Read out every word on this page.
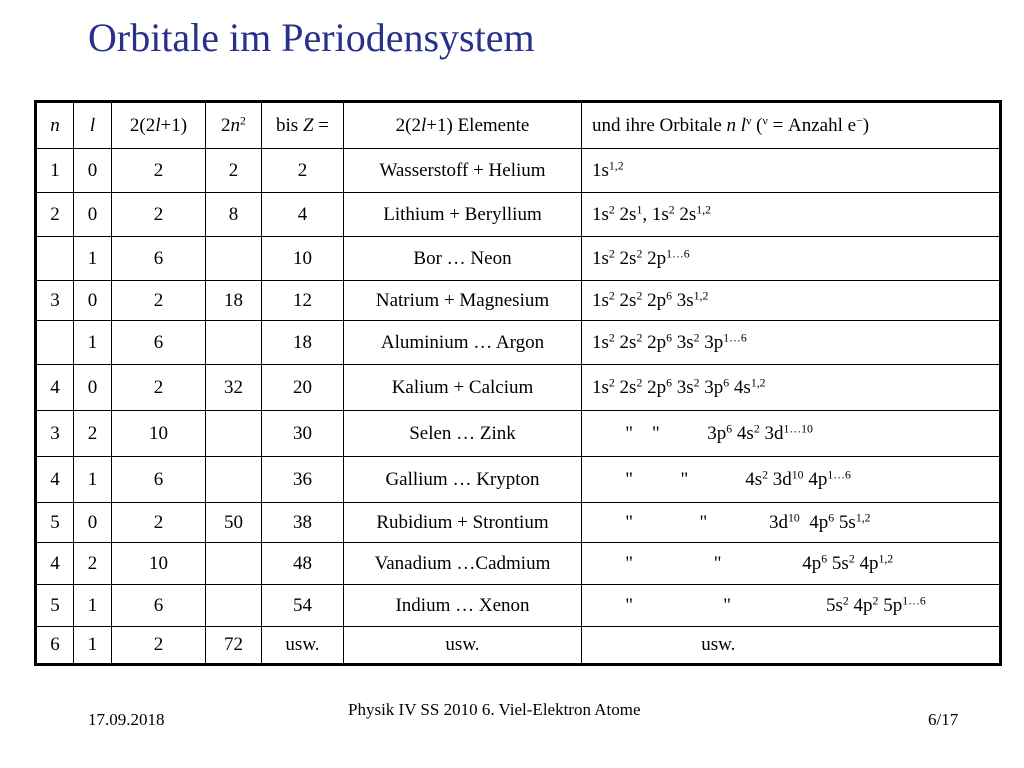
Orbitale im Periodensystem
n	l	2(2l+1)	$2n^2$	bis Z =	2(2l+1) Elemente	und ihre Orbitale n $l^\nu$ ($^\nu$ = Anzahl e−)
1	0	2	2	2	Wasserstoff + Helium	$1s^{1,2}$
2	0	2	8	4	Lithium + Beryllium	$1s^2$ $2s^1$, $1s^2$ $2s^{1,2}$
	1	6		10	Bor … Neon	$1s^2$ $2s^2$ $2p^{1\dots 6}$
3	0	2	18	12	Natrium + Magnesium	$1s^2$ $2s^2$ $2p^6$ $3s^{1,2}$
	1	6		18	Aluminium … Argon	$1s^2$ $2s^2$ $2p^6$ $3s^2$ $3p^{1\dots 6}$
4	0	2	32	20	Kalium + Calcium	$1s^2$ $2s^2$ $2p^6$ $3s^2$ $3p^6$ $4s^{1,2}$
3	2	10		30	Selen … Zink	"    "          $3p^6$ $4s^2$ $3d^{1\dots 10}$
4	1	6		36	Gallium … Krypton	"          "            $4s^2$ $3d^{10}$ $4p^{1\dots 6}$
5	0	2	50	38	Rubidium + Strontium	"              "             $3d^{10}$  $4p^6$ $5s^{1,2}$
4	2	10		48	Vanadium …Cadmium	"                 "                 $4p^6$ $5s^2$ $4p^{1,2}$
5	1	6		54	Indium … Xenon	"                   "                    $5s^2$ $4p^2$ $5p^{1\dots 6}$
6	1	2	72	usw.	usw.	usw.
17.09.2018
Physik IV SS 2010 6. Viel-Elektron Atome
6/17
